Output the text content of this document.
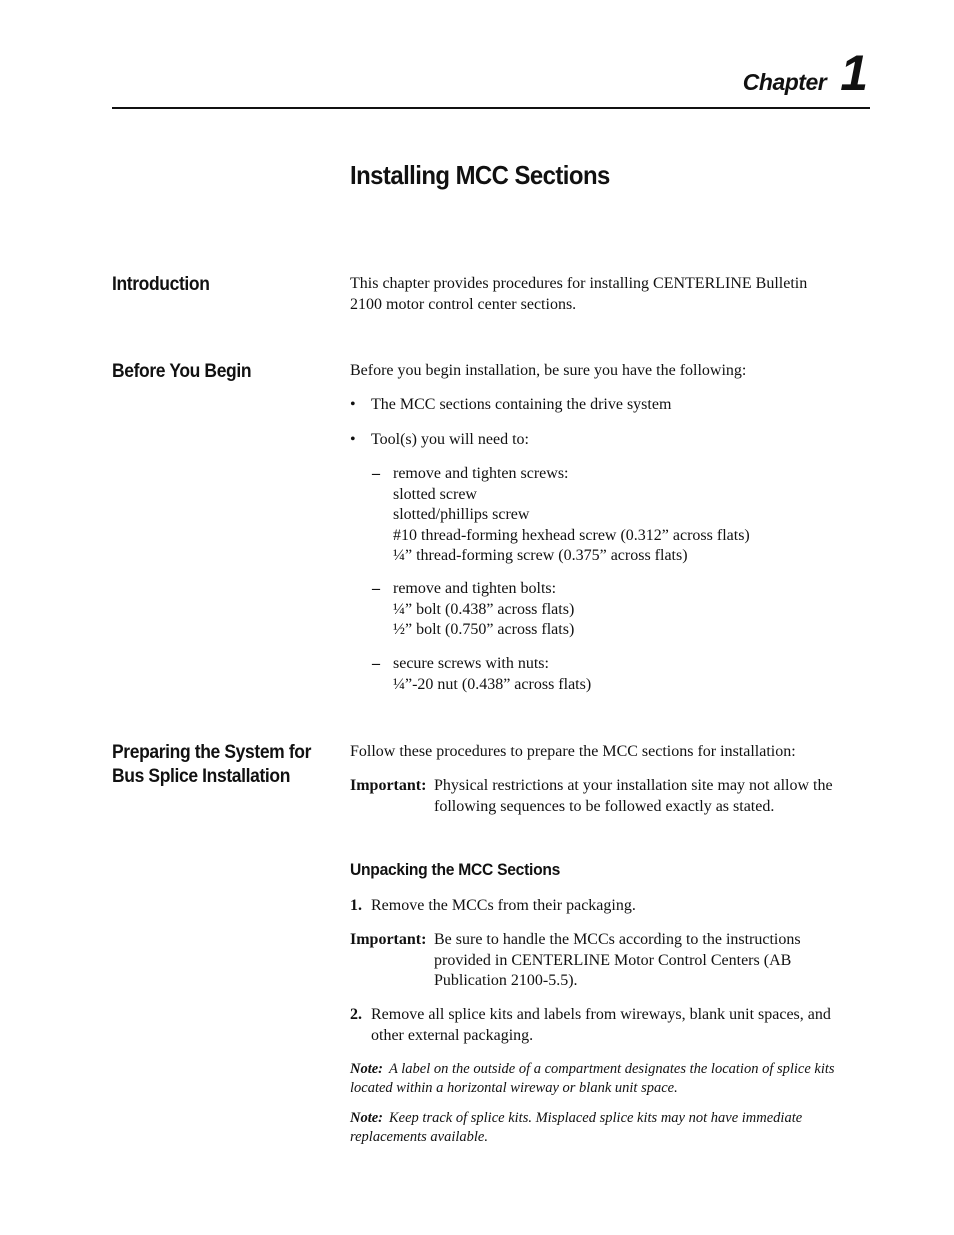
Chapter 1
Installing MCC Sections
Introduction	This chapter provides procedures for installing CENTERLINE Bulletin

2100 motor control center sections.

Before You Begin	Before you begin installation, be sure you have the following:
• The MCC sections containing the drive system
• Tool(s) you will need to:
– remove and tighten screws:
slotted screw
slotted/phillips screw
#10 thread-forming hexhead screw (0.312” across flats)
¼” thread-forming screw (0.375” across flats)
– remove and tighten bolts:
¼” bolt (0.438” across flats)
½” bolt (0.750” across flats)
– secure screws with nuts:
¼”-20 nut (0.438” across flats)
Preparing the System for
Bus Splice Installation
Follow these procedures to prepare the MCC sections for installation:
Important: Physical restrictions at your installation site may not allow the
following sequences to be followed exactly as stated.
Unpacking the MCC Sections
1. Remove the MCCs from their packaging.
Important: Be sure to handle the MCCs according to the instructions
provided in CENTERLINE Motor Control Centers (AB
Publication 2100-5.5).
2. Remove all splice kits and labels from wireways, blank unit spaces, and
other external packaging.
Note: A label on the outside of a compartment designates the location of splice kits
located within a horizontal wireway or blank unit space.
Note: Keep track of splice kits. Misplaced splice kits may not have immediate
replacements available.
